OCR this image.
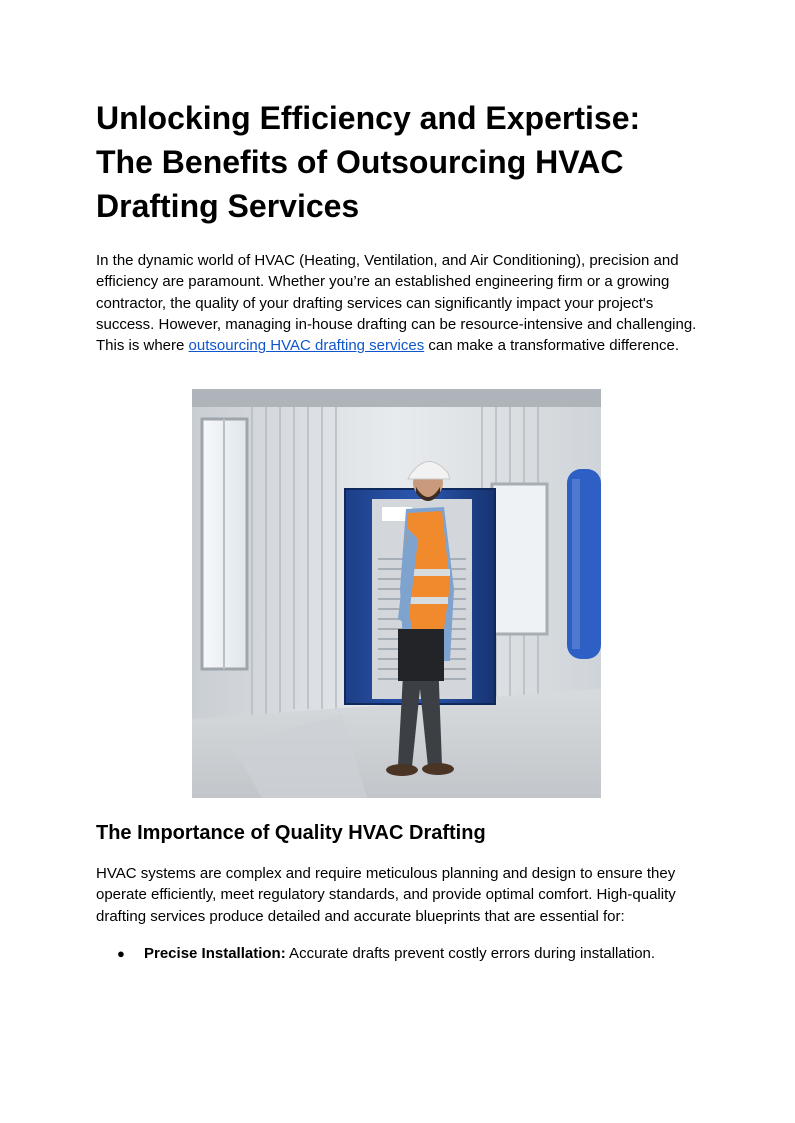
Unlocking Efficiency and Expertise:
The Benefits of Outsourcing HVAC
Drafting Services

In the dynamic world of HVAC (Heating, Ventilation, and Air Conditioning), precision and efficiency are paramount. Whether you’re an established engineering firm or a growing contractor, the quality of your drafting services can significantly impact your project's success. However, managing in-house drafting can be resource-intensive and challenging. This is where outsourcing HVAC drafting services can make a transformative difference.

The Importance of Quality HVAC Drafting

HVAC systems are complex and require meticulous planning and design to ensure they operate efficiently, meet regulatory standards, and provide optimal comfort. High-quality drafting services produce detailed and accurate blueprints that are essential for:

● Precise Installation: Accurate drafts prevent costly errors during installation.
